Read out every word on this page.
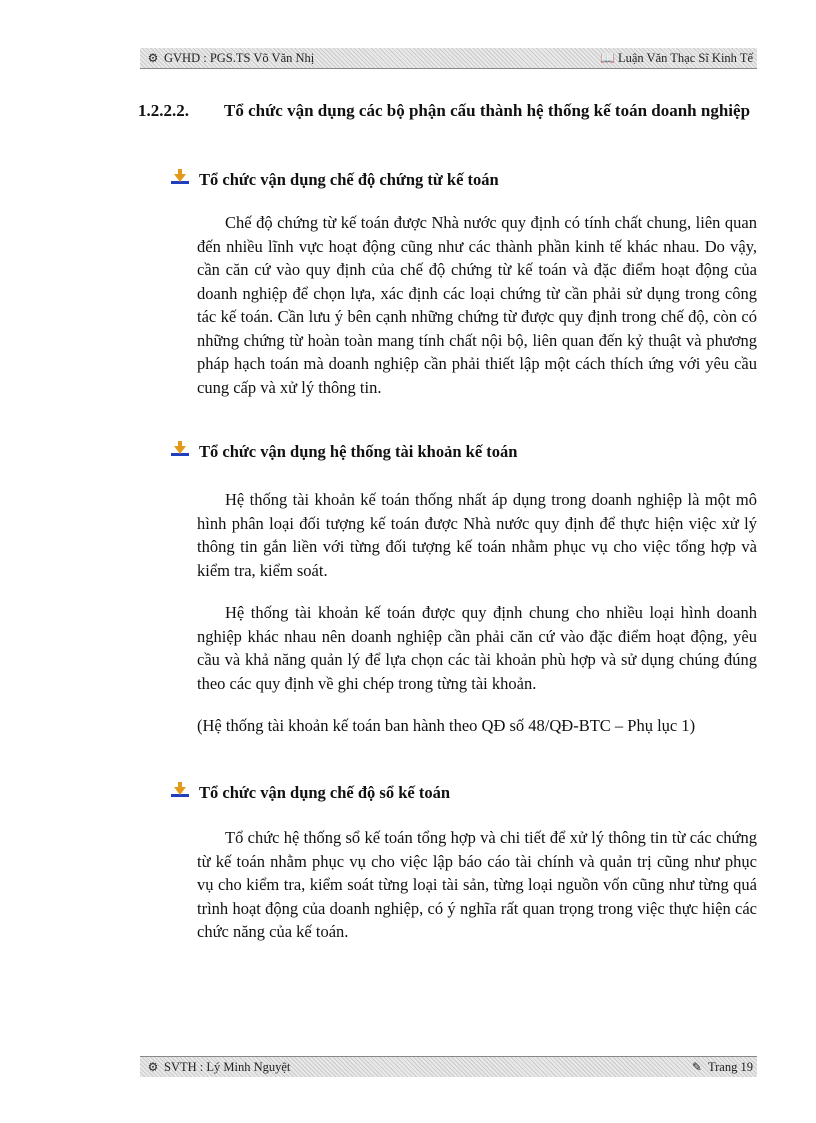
⚙ GVHD : PGS.TS Võ Văn Nhị	📖 Luận Văn Thạc Sĩ Kinh Tế
1.2.2.2. Tổ chức vận dụng các bộ phận cấu thành hệ thống kế toán doanh nghiệp
Tổ chức vận dụng chế độ chứng từ kế toán

Chế độ chứng từ kế toán được Nhà nước quy định có tính chất chung, liên quan đến nhiều lĩnh vực hoạt động cũng như các thành phần kinh tế khác nhau. Do vậy, cần căn cứ vào quy định của chế độ chứng từ kế toán và đặc điểm hoạt động của doanh nghiệp để chọn lựa, xác định các loại chứng từ cần phải sử dụng trong công tác kế toán. Cần lưu ý bên cạnh những chứng từ được quy định trong chế độ, còn có những chứng từ hoàn toàn mang tính chất nội bộ, liên quan đến kỷ thuật và phương pháp hạch toán mà doanh nghiệp cần phải thiết lập một cách thích ứng với yêu cầu cung cấp và xử lý thông tin.

Tổ chức vận dụng hệ thống tài khoản kế toán

Hệ thống tài khoản kế toán thống nhất áp dụng trong doanh nghiệp là một mô hình phân loại đối tượng kế toán được Nhà nước quy định để thực hiện việc xử lý thông tin gắn liền với từng đối tượng kế toán nhằm phục vụ cho việc tổng hợp và kiểm tra, kiểm soát.

Hệ thống tài khoản kế toán được quy định chung cho nhiều loại hình doanh nghiệp khác nhau nên doanh nghiệp cần phải căn cứ vào đặc điểm hoạt động, yêu cầu và khả năng quản lý để lựa chọn các tài khoản phù hợp và sử dụng chúng đúng theo các quy định về ghi chép trong từng tài khoản.

(Hệ thống tài khoản kế toán ban hành theo QĐ số 48/QĐ-BTC – Phụ lục 1)

Tổ chức vận dụng chế độ sổ kế toán

Tổ chức hệ thống sổ kế toán tổng hợp và chi tiết để xử lý thông tin từ các chứng từ kế toán nhằm phục vụ cho việc lập báo cáo tài chính và quản trị cũng như phục vụ cho kiểm tra, kiểm soát từng loại tài sản, từng loại nguồn vốn cũng như từng quá trình hoạt động của doanh nghiệp, có ý nghĩa rất quan trọng trong việc thực hiện các chức năng của kế toán.

⚙ SVTH : Lý Minh Nguyệt	✎ Trang 19
